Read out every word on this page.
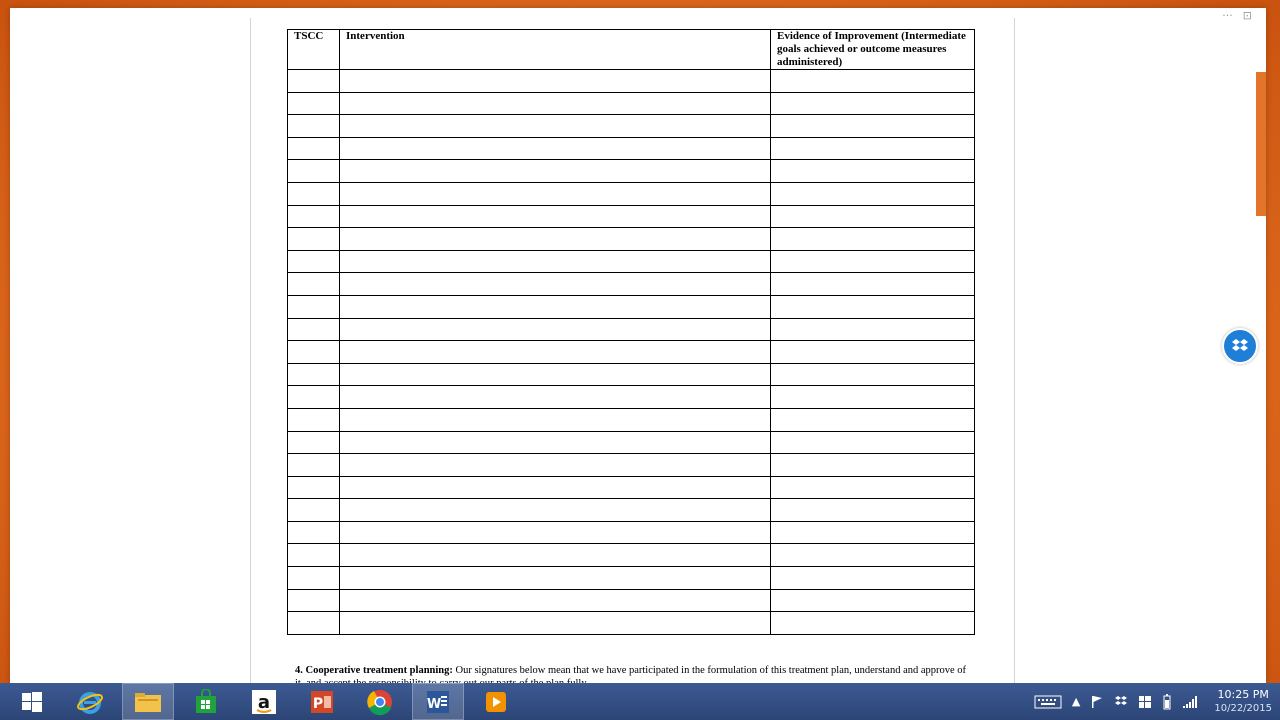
··· ⊡
TSCC	Intervention	Evidence of Improvement (Intermediate goals achieved or outcome measures administered)

4. Cooperative treatment planning: Our signatures below mean that we have participated in the formulation of this treatment plan, understand and approve of
a	P	W	▲
10:25 PM
10/22/2015
